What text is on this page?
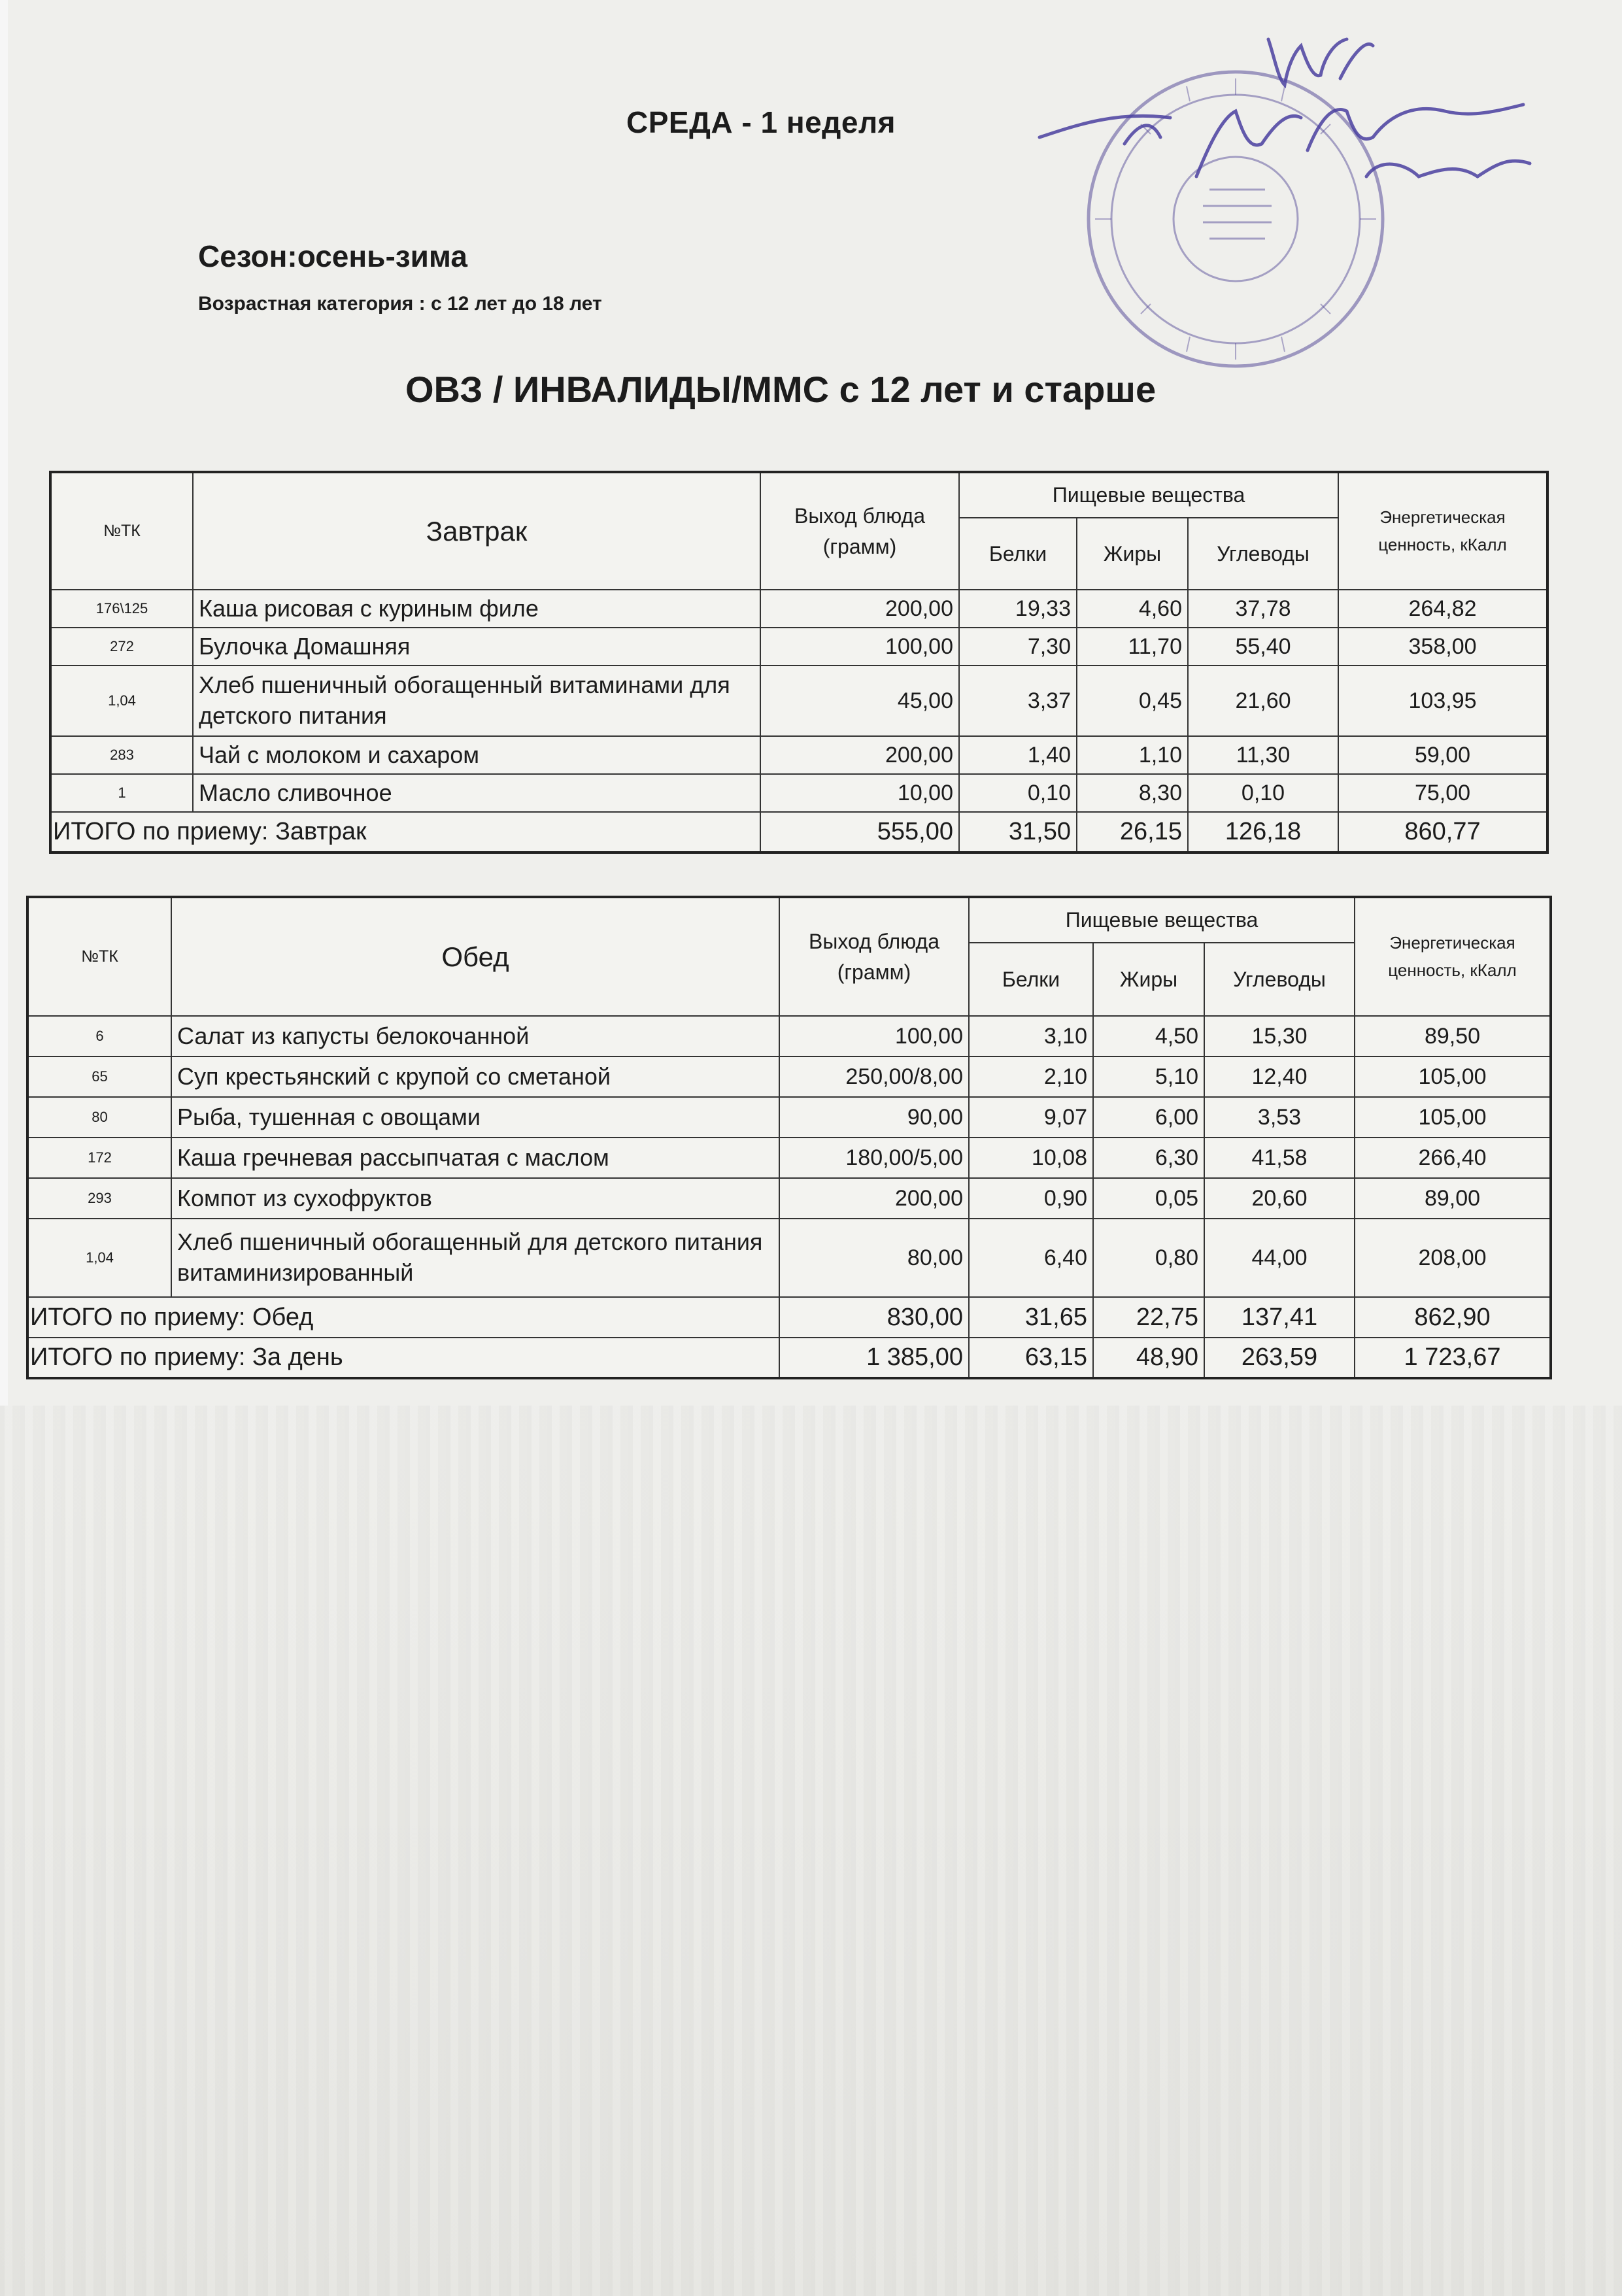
СРЕДА - 1 неделя
Сезон:осень-зима
Возрастная категория : с 12 лет до 18 лет
ОВЗ / ИНВАЛИДЫ/ММС с 12 лет и старше
№ТК	Завтрак	Выход блюда
(грамм)	Пищевые вещества			Энергетическая
ценность, кКалл
			Белки	Жиры	Углеводы	
176\125	Каша рисовая с куриным филе	200,00	19,33	4,60	37,78	264,82
272	Булочка Домашняя	100,00	7,30	11,70	55,40	358,00
1,04	Хлеб пшеничный обогащенный витаминами для детского питания	45,00	3,37	0,45	21,60	103,95
283	Чай с молоком и сахаром	200,00	1,40	1,10	11,30	59,00
1	Масло сливочное	10,00	0,10	8,30	0,10	75,00
ИТОГО по приему: Завтрак		555,00	31,50	26,15	126,18	860,77
№ТК	Обед	Выход блюда
(грамм)	Пищевые вещества			Энергетическая
ценность, кКалл
			Белки	Жиры	Углеводы	
6	Салат из капусты белокочанной	100,00	3,10	4,50	15,30	89,50
65	Суп крестьянский с крупой со сметаной	250,00/8,00	2,10	5,10	12,40	105,00
80	Рыба, тушенная с овощами	90,00	9,07	6,00	3,53	105,00
172	Каша гречневая рассыпчатая с маслом	180,00/5,00	10,08	6,30	41,58	266,40
293	Компот из сухофруктов	200,00	0,90	0,05	20,60	89,00
1,04	Хлеб пшеничный обогащенный для детского питания витаминизированный	80,00	6,40	0,80	44,00	208,00
ИТОГО по приему: Обед		830,00	31,65	22,75	137,41	862,90
ИТОГО по приему: За день		1 385,00	63,15	48,90	263,59	1 723,67
